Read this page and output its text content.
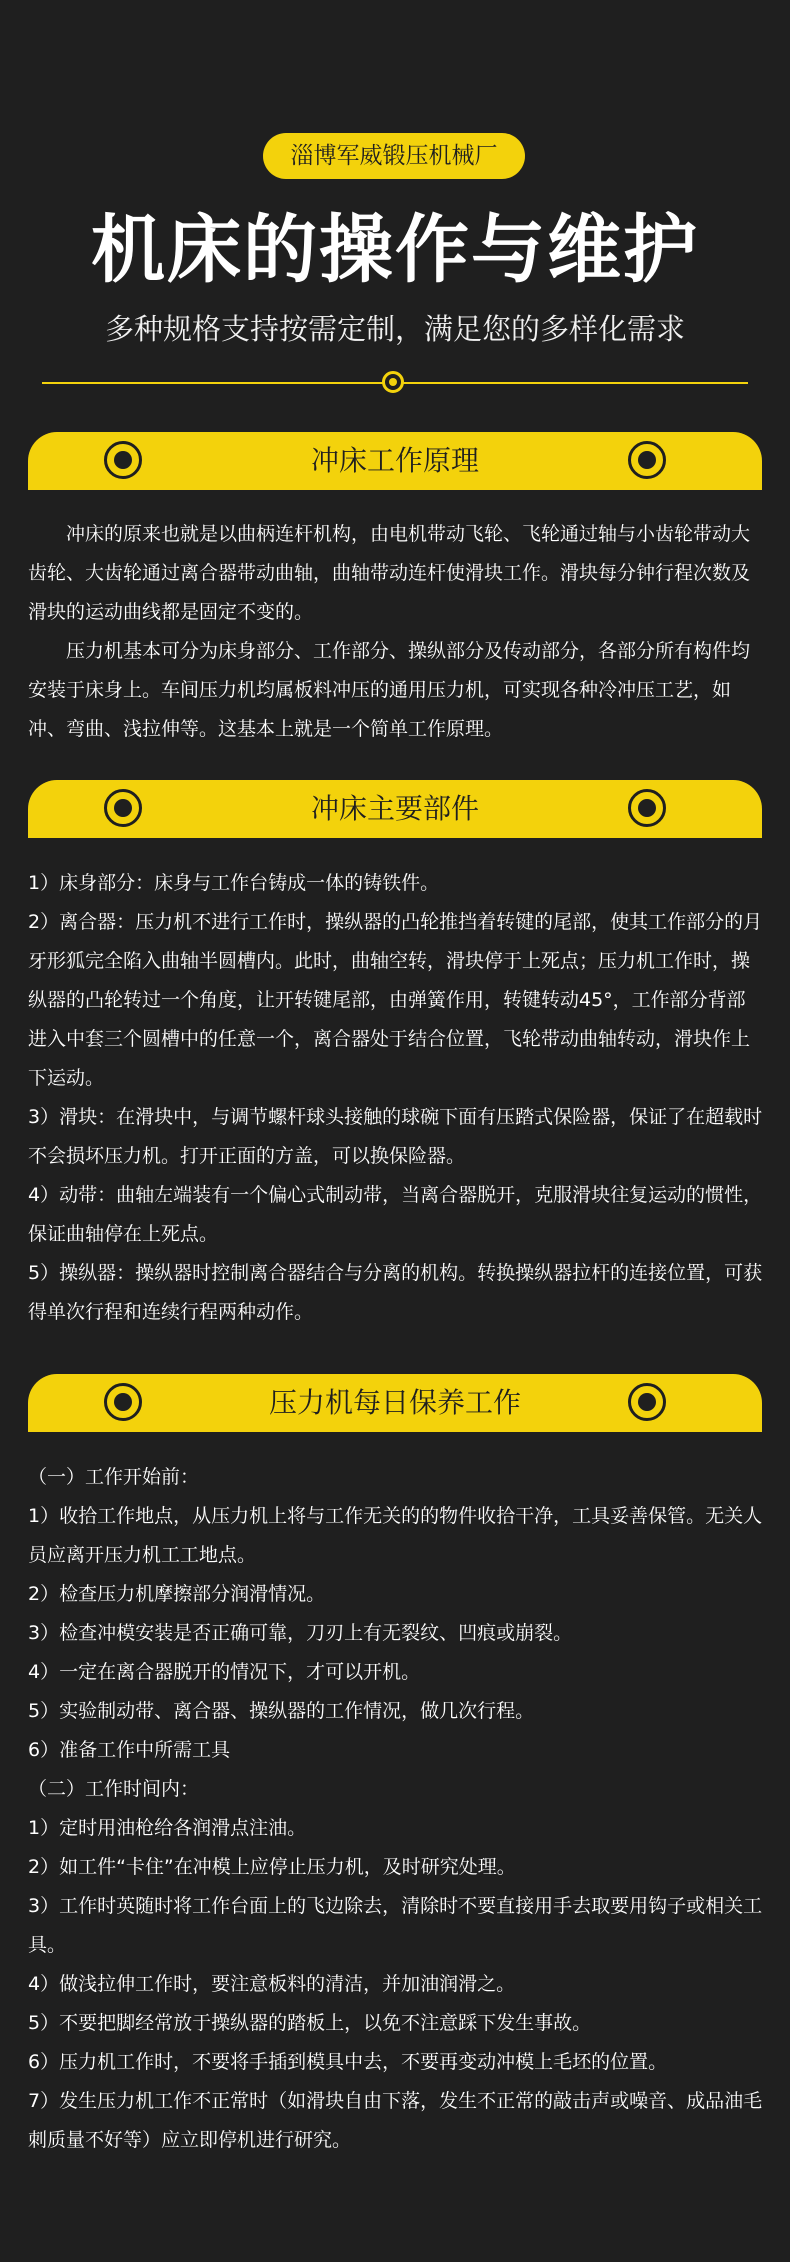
淄博军威锻压机械厂
机床的操作与维护
多种规格支持按需定制，满足您的多样化需求
冲床工作原理

冲床的原来也就是以曲柄连杆机构，由电机带动飞轮、飞轮通过轴与小齿轮带动大齿轮、大齿轮通过离合器带动曲轴，曲轴带动连杆使滑块工作。滑块每分钟行程次数及滑块的运动曲线都是固定不变的。

压力机基本可分为床身部分、工作部分、操纵部分及传动部分，各部分所有构件均安装于床身上。车间压力机均属板料冲压的通用压力机，可实现各种冷冲压工艺，如冲、弯曲、浅拉伸等。这基本上就是一个简单工作原理。

冲床主要部件

1）床身部分：床身与工作台铸成一体的铸铁件。

2）离合器：压力机不进行工作时，操纵器的凸轮推挡着转键的尾部，使其工作部分的月牙形狐完全陷入曲轴半圆槽内。此时，曲轴空转，滑块停于上死点；压力机工作时，操纵器的凸轮转过一个角度，让开转键尾部，由弹簧作用，转键转动45°，工作部分背部进入中套三个圆槽中的任意一个，离合器处于结合位置，飞轮带动曲轴转动，滑块作上下运动。

3）滑块：在滑块中，与调节螺杆球头接触的球碗下面有压踏式保险器，保证了在超载时不会损坏压力机。打开正面的方盖，可以换保险器。

4）动带：曲轴左端装有一个偏心式制动带，当离合器脱开，克服滑块往复运动的惯性，保证曲轴停在上死点。

5）操纵器：操纵器时控制离合器结合与分离的机构。转换操纵器拉杆的连接位置，可获得单次行程和连续行程两种动作。

压力机每日保养工作

（一）工作开始前：

1）收拾工作地点，从压力机上将与工作无关的的物件收拾干净，工具妥善保管。无关人员应离开压力机工工地点。

2）检查压力机摩擦部分润滑情况。

3）检查冲模安装是否正确可靠，刀刃上有无裂纹、凹痕或崩裂。

4）一定在离合器脱开的情况下，才可以开机。

5）实验制动带、离合器、操纵器的工作情况，做几次行程。

6）准备工作中所需工具

（二）工作时间内：

1）定时用油枪给各润滑点注油。

2）如工件“卡住”在冲模上应停止压力机，及时研究处理。

3）工作时英随时将工作台面上的飞边除去，清除时不要直接用手去取要用钩子或相关工具。

4）做浅拉伸工作时，要注意板料的清洁，并加油润滑之。

5）不要把脚经常放于操纵器的踏板上，以免不注意踩下发生事故。

6）压力机工作时，不要将手插到模具中去，不要再变动冲模上毛坯的位置。

7）发生压力机工作不正常时（如滑块自由下落，发生不正常的敲击声或噪音、成品油毛刺质量不好等）应立即停机进行研究。
